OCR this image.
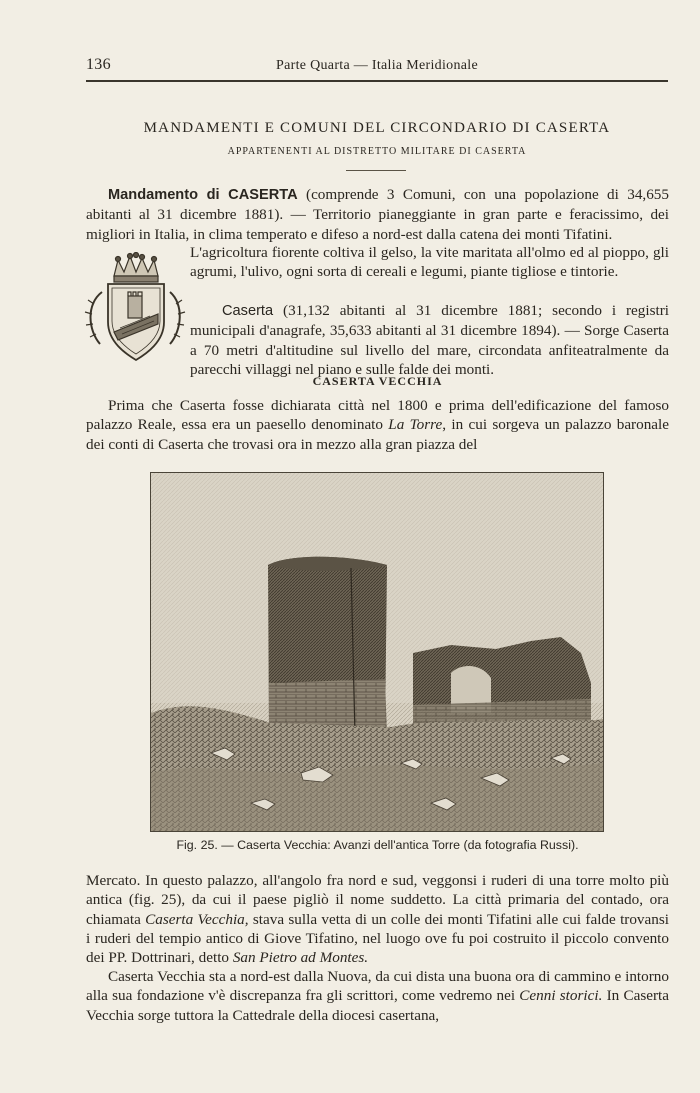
136	Parte Quarta — Italia Meridionale
MANDAMENTI E COMUNI DEL CIRCONDARIO DI CASERTA
APPARTENENTI AL DISTRETTO MILITARE DI CASERTA

Mandamento di CASERTA (comprende 3 Comuni, con una popolazione di 34,655 abitanti al 31 dicembre 1881). — Territorio pianeggiante in gran parte e feracissimo, dei migliori in Italia, in clima temperato e difeso a nord-est dalla catena dei monti Tifatini.

L'agricoltura fiorente coltiva il gelso, la vite maritata all'olmo ed al pioppo, gli agrumi, l'ulivo, ogni sorta di cereali e legumi, piante tigliose e tintorie.

Caserta (31,132 abitanti al 31 dicembre 1881; secondo i registri municipali d'anagrafe, 35,633 abitanti al 31 dicembre 1894). — Sorge Caserta a 70 metri d'altitudine sul livello del mare, circondata anfiteatralmente da parecchi villaggi nel piano e sulle falde dei monti.

CASERTA VECCHIA

Prima che Caserta fosse dichiarata città nel 1800 e prima dell'edificazione del famoso palazzo Reale, essa era un paesello denominato La Torre, in cui sorgeva un palazzo baronale dei conti di Caserta che trovasi ora in mezzo alla gran piazza del

Fig. 25. — Caserta Vecchia: Avanzi dell'antica Torre (da fotografia Russi).

Mercato. In questo palazzo, all'angolo fra nord e sud, veggonsi i ruderi di una torre molto più antica (fig. 25), da cui il paese pigliò il nome suddetto. La città primaria del contado, ora chiamata Caserta Vecchia, stava sulla vetta di un colle dei monti Tifatini alle cui falde trovansi i ruderi del tempio antico di Giove Tifatino, nel luogo ove fu poi costruito il piccolo convento dei PP. Dottrinari, detto San Pietro ad Montes.

Caserta Vecchia sta a nord-est dalla Nuova, da cui dista una buona ora di cammino e intorno alla sua fondazione v'è discrepanza fra gli scrittori, come vedremo nei Cenni storici. In Caserta Vecchia sorge tuttora la Cattedrale della diocesi casertana,
